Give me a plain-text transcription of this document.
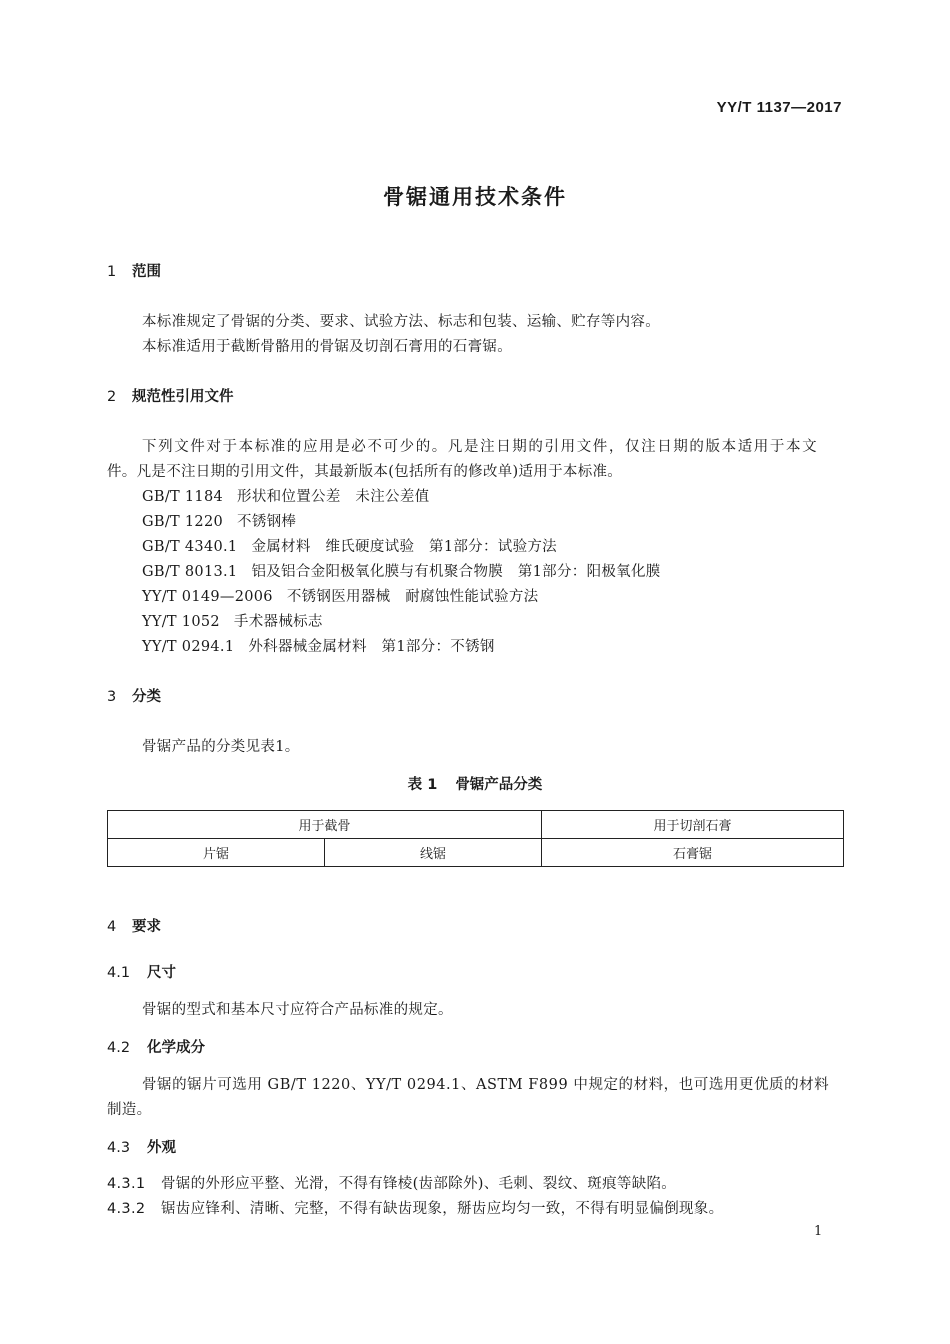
YY/T 1137—2017
骨锯通用技术条件
1 范围
本标准规定了骨锯的分类、要求、试验方法、标志和包装、运输、贮存等内容。
本标准适用于截断骨骼用的骨锯及切剖石膏用的石膏锯。
2 规范性引用文件
下列文件对于本标准的应用是必不可少的。凡是注日期的引用文件，仅注日期的版本适用于本文
件。凡是不注日期的引用文件，其最新版本(包括所有的修改单)适用于本标准。
GB/T 1184 形状和位置公差　未注公差值
GB/T 1220 不锈钢棒
GB/T 4340.1 金属材料　维氏硬度试验　第1部分：试验方法
GB/T 8013.1 铝及铝合金阳极氧化膜与有机聚合物膜　第1部分：阳极氧化膜
YY/T 0149—2006 不锈钢医用器械　耐腐蚀性能试验方法
YY/T 1052 手术器械标志
YY/T 0294.1 外科器械金属材料　第1部分：不锈钢
3 分类
骨锯产品的分类见表1。
表 1 骨锯产品分类
用于截骨		用于切剖石膏
片锯	线锯	石膏锯
4 要求
4.1 尺寸
骨锯的型式和基本尺寸应符合产品标准的规定。
4.2 化学成分
骨锯的锯片可选用 GB/T 1220、YY/T 0294.1、ASTM F899 中规定的材料，也可选用更优质的材料
制造。
4.3 外观
4.3.1 骨锯的外形应平整、光滑，不得有锋棱(齿部除外)、毛刺、裂纹、斑痕等缺陷。
4.3.2 锯齿应锋利、清晰、完整，不得有缺齿现象，掰齿应均匀一致，不得有明显偏倒现象。
1
